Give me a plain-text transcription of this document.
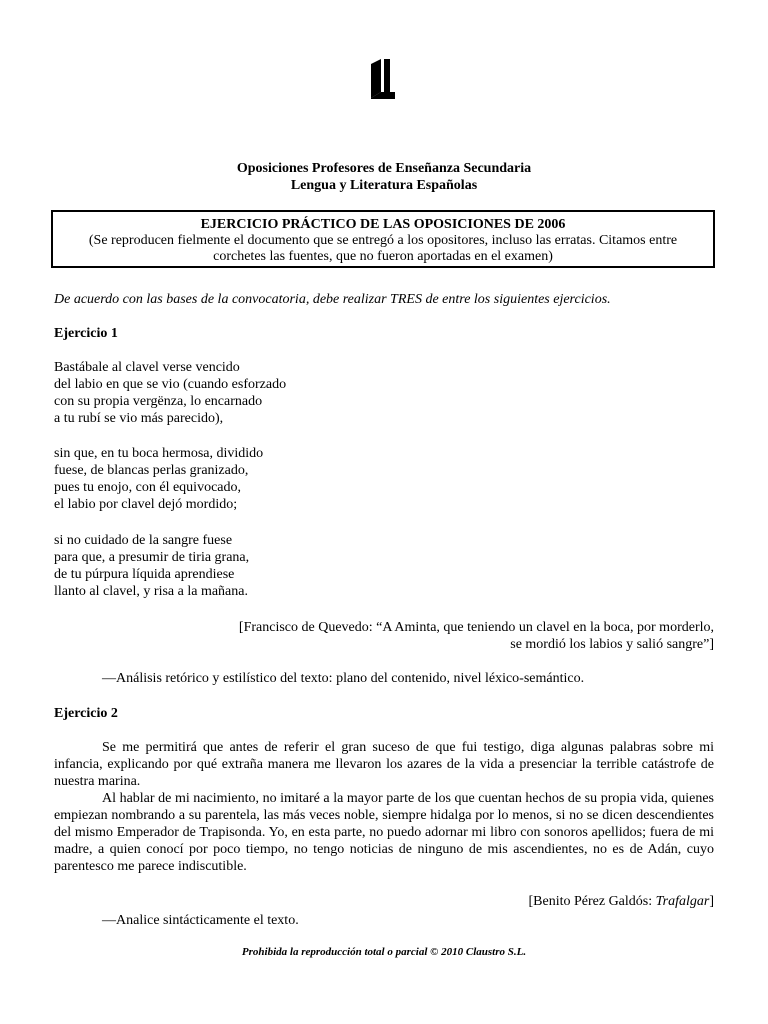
Oposiciones Profesores de Enseñanza Secundaria
Lengua y Literatura Españolas
EJERCICIO PRÁCTICO DE LAS OPOSICIONES DE 2006
(Se reproducen fielmente el documento que se entregó a los opositores, incluso las erratas. Citamos entre
corchetes las fuentes, que no fueron aportadas en el examen)
De acuerdo con las bases de la convocatoria, debe realizar TRES de entre los siguientes ejercicios.
Ejercicio 1
Bastábale al clavel verse vencido
del labio en que se vio (cuando esforzado
con su propia vergënza, lo encarnado
a tu rubí se vio más parecido),
sin que, en tu boca hermosa, dividido
fuese, de blancas perlas granizado,
pues tu enojo, con él equivocado,
el labio por clavel dejó mordido;
si no cuidado de la sangre fuese
para que, a presumir de tiria grana,
de tu púrpura líquida aprendiese
llanto al clavel, y risa a la mañana.
[Francisco de Quevedo: “A Aminta, que teniendo un clavel en la boca, por morderlo,
se mordió los labios y salió sangre”]
—Análisis retórico y estilístico del texto: plano del contenido, nivel léxico-semántico.
Ejercicio 2
Se me permitirá que antes de referir el gran suceso de que fui testigo, diga algunas palabras sobre mi infancia, explicando por qué extraña manera me llevaron los azares de la vida a presenciar la terrible catástrofe de nuestra marina.
Al hablar de mi nacimiento, no imitaré a la mayor parte de los que cuentan hechos de su propia vida, quienes empiezan nombrando a su parentela, las más veces noble, siempre hidalga por lo menos, si no se dicen descendientes del mismo Emperador de Trapisonda. Yo, en esta parte, no puedo adornar mi libro con sonoros apellidos; fuera de mi madre, a quien conocí por poco tiempo, no tengo noticias de ninguno de mis ascendientes, no es de Adán, cuyo parentesco me parece indiscutible.
[Benito Pérez Galdós: Trafalgar]
—Analice sintácticamente el texto.
Prohibida la reproducción total o parcial © 2010 Claustro S.L.
